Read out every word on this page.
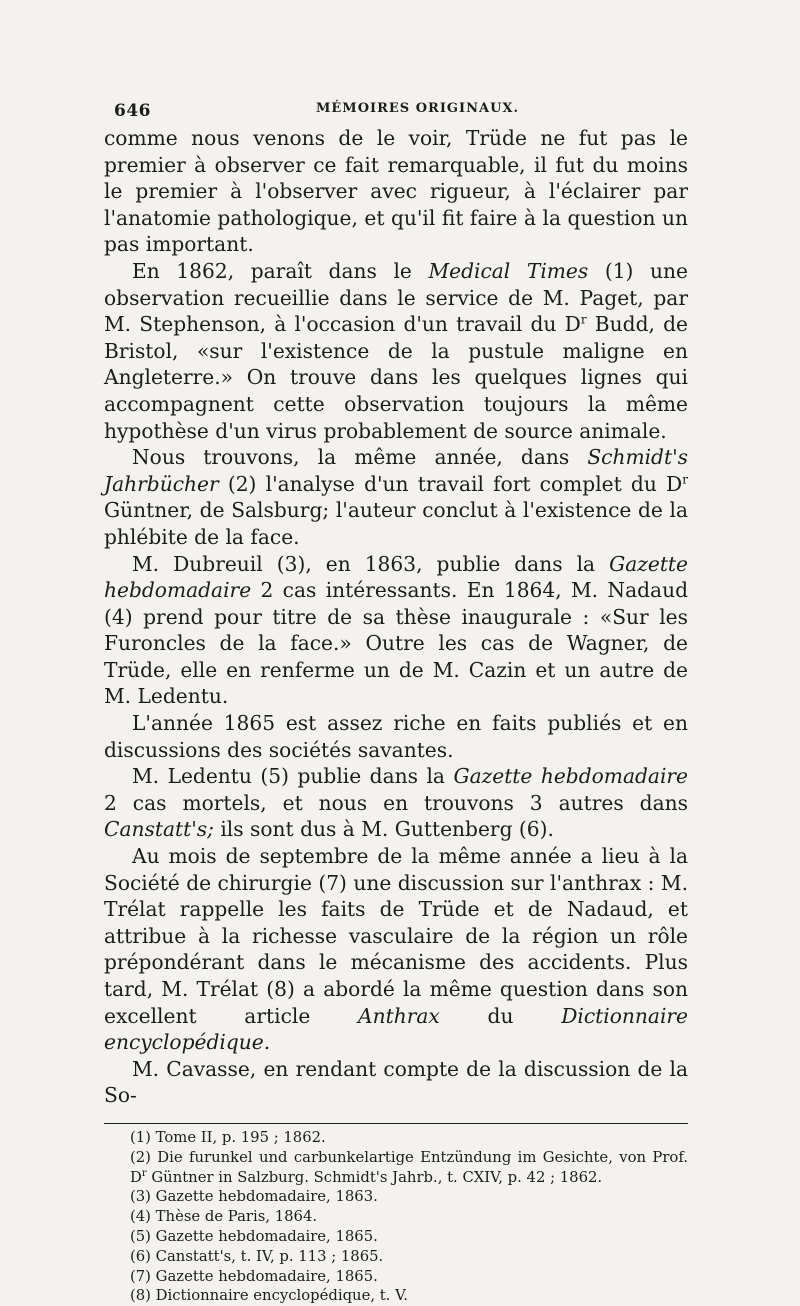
646	MÉMOIRES ORIGINAUX.

comme nous venons de le voir, Trüde ne fut pas le premier à observer ce fait remarquable, il fut du moins le premier à l'observer avec rigueur, à l'éclairer par l'anatomie pathologique, et qu'il fit faire à la question un pas important.

En 1862, paraît dans le Medical Times (1) une observation recueillie dans le service de M. Paget, par M. Stephenson, à l'occasion d'un travail du $D^r$ Budd, de Bristol, «sur l'existence de la pustule maligne en Angleterre.» On trouve dans les quelques lignes qui accompagnent cette observation toujours la même hypothèse d'un virus probablement de source animale.

Nous trouvons, la même année, dans Schmidt's Jahrbücher (2) l'analyse d'un travail fort complet du $D^r$ Güntner, de Salsburg; l'auteur conclut à l'existence de la phlébite de la face.

M. Dubreuil (3), en 1863, publie dans la Gazette hebdomadaire 2 cas intéressants. En 1864, M. Nadaud (4) prend pour titre de sa thèse inaugurale : «Sur les Furoncles de la face.» Outre les cas de Wagner, de Trüde, elle en renferme un de M. Cazin et un autre de M. Ledentu.

L'année 1865 est assez riche en faits publiés et en discussions des sociétés savantes.

M. Ledentu (5) publie dans la Gazette hebdomadaire 2 cas mortels, et nous en trouvons 3 autres dans Canstatt's; ils sont dus à M. Guttenberg (6).

Au mois de septembre de la même année a lieu à la Société de chirurgie (7) une discussion sur l'anthrax : M. Trélat rappelle les faits de Trüde et de Nadaud, et attribue à la richesse vasculaire de la région un rôle prépondérant dans le mécanisme des accidents. Plus tard, M. Trélat (8) a abordé la même question dans son excellent article Anthrax du Dictionnaire encyclopédique.

M. Cavasse, en rendant compte de la discussion de la So-

(1) Tome II, p. 195 ; 1862.
(2) Die furunkel und carbunkelartige Entzündung im Gesichte, von Prof. $D^r$ Güntner in Salzburg. Schmidt's Jahrb., t. CXIV, p. 42 ; 1862.
(3) Gazette hebdomadaire, 1863.
(4) Thèse de Paris, 1864.
(5) Gazette hebdomadaire, 1865.
(6) Canstatt's, t. IV, p. 113 ; 1865.
(7) Gazette hebdomadaire, 1865.
(8) Dictionnaire encyclopédique, t. V.
